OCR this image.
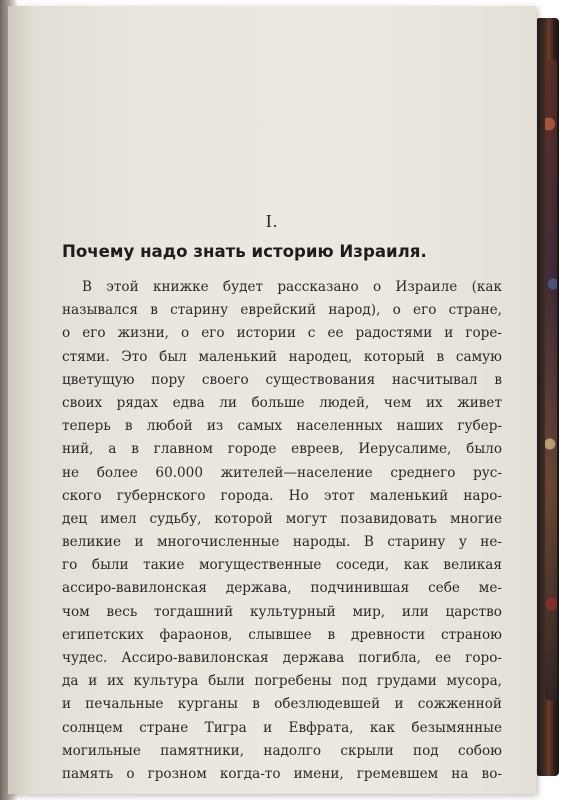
I.
Почему надо знать историю Израиля.
В этой книжке будет рассказано о Израиле (как
назывался в старину еврейский народ), о его стране,
о его жизни, о его истории с ее радостями и горе-
стями. Это был маленький народец, который в самую
цветущую пору своего существования насчитывал в
своих рядах едва ли больше людей, чем их живет
теперь в любой из самых населенных наших губер-
ний, а в главном городе евреев, Иерусалиме, было
не более 60.000 жителей—население среднего рус-
ского губернского города. Но этот маленький наро-
дец имел судьбу, которой могут позавидовать многие
великие и многочисленные народы. В старину у не-
го были такие могущественные соседи, как великая
ассиро-вавилонская держава, подчинившая себе ме-
чом весь тогдашний культурный мир, или царство
египетских фараонов, слывшее в древности страною
чудес. Ассиро-вавилонская держава погибла, ее горо-
да и их культура были погребены под грудами мусора,
и печальные курганы в обезлюдевшей и сожженной
солнцем стране Тигра и Евфрата, как безымянные
могильные памятники, надолго скрыли под собою
память о грозном когда-то имени, гремевшем на во-
